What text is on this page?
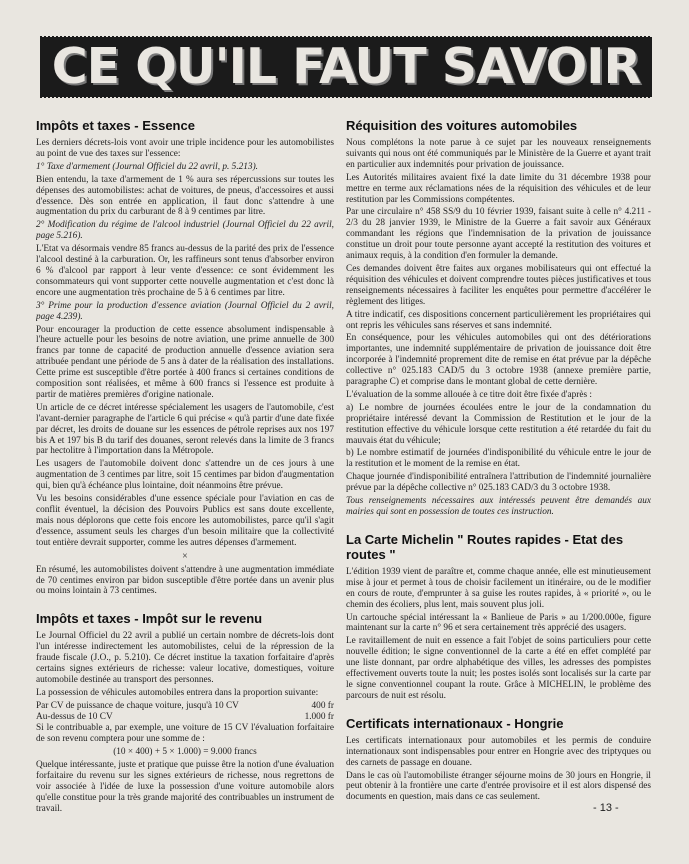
CE QU'IL FAUT SAVOIR
Impôts et taxes - Essence

Les derniers décrets-lois vont avoir une triple incidence pour les automobilistes au point de vue des taxes sur l'essence:

1° Taxe d'armement (Journal Officiel du 22 avril, p. 5.213).

Bien entendu, la taxe d'armement de 1 % aura ses répercussions sur toutes les dépenses des automobilistes: achat de voitures, de pneus, d'accessoires et aussi d'essence. Dès son entrée en application, il faut donc s'attendre à une augmentation du prix du carburant de 8 à 9 centimes par litre.

2° Modification du régime de l'alcool industriel (Journal Officiel du 22 avril, page 5.216).

L'Etat va désormais vendre 85 francs au-dessus de la parité des prix de l'essence l'alcool destiné à la carburation. Or, les raffineurs sont tenus d'absorber environ 6 % d'alcool par rapport à leur vente d'essence: ce sont évidemment les consommateurs qui vont supporter cette nouvelle augmentation et c'est donc là encore une augmentation très prochaine de 5 à 6 centimes par litre.

3° Prime pour la production d'essence aviation (Journal Officiel du 2 avril, page 4.239).

Pour encourager la production de cette essence absolument indispensable à l'heure actuelle pour les besoins de notre aviation, une prime annuelle de 300 francs par tonne de capacité de production annuelle d'essence aviation sera attribuée pendant une période de 5 ans à dater de la réalisation des installations. Cette prime est susceptible d'être portée à 400 francs si certaines conditions de composition sont réalisées, et même à 600 francs si l'essence est produite à partir de matières premières d'origine nationale.

Un article de ce décret intéresse spécialement les usagers de l'automobile, c'est l'avant-dernier paragraphe de l'article 6 qui précise « qu'à partir d'une date fixée par décret, les droits de douane sur les essences de pétrole reprises aux nos 197 bis A et 197 bis B du tarif des douanes, seront relevés dans la limite de 3 francs par hectolitre à l'importation dans la Métropole.

Les usagers de l'automobile doivent donc s'attendre un de ces jours à une augmentation de 3 centimes par litre, soit 15 centimes par bidon d'augmentation qui, bien qu'à échéance plus lointaine, doit néanmoins être prévue.

Vu les besoins considérables d'une essence spéciale pour l'aviation en cas de conflit éventuel, la décision des Pouvoirs Publics est sans doute excellente, mais nous déplorons que cette fois encore les automobilistes, parce qu'il s'agit d'essence, assument seuls les charges d'un besoin militaire que la collectivité tout entière devrait supporter, comme les autres dépenses d'armement.

×

En résumé, les automobilistes doivent s'attendre à une augmentation immédiate de 70 centimes environ par bidon susceptible d'être portée dans un avenir plus ou moins lointain à 73 centimes.

Impôts et taxes - Impôt sur le revenu

Le Journal Officiel du 22 avril a publié un certain nombre de décrets-lois dont l'un intéresse indirectement les automobilistes, celui de la répression de la fraude fiscale (J.O., p. 5.210). Ce décret institue la taxation forfaitaire d'après certains signes extérieurs de richesse: valeur locative, domestiques, voiture automobile destinée au transport des personnes.

La possession de véhicules automobiles entrera dans la proportion suivante:

Par CV de puissance de chaque voiture, jusqu'à 10 CV	400 fr
Au-dessus de 10 CV	1.000 fr

Si le contribuable a, par exemple, une voiture de 15 CV l'évaluation forfaitaire de son revenu comptera pour une somme de :

(10 × 400) + 5 × 1.000) = 9.000 francs

Quelque intéressante, juste et pratique que puisse être la notion d'une évaluation forfaitaire du revenu sur les signes extérieurs de richesse, nous regrettons de voir associée à l'idée de luxe la possession d'une voiture automobile alors qu'elle constitue pour la très grande majorité des contribuables un instrument de travail.

Réquisition des voitures automobiles

Nous complétons la note parue à ce sujet par les nouveaux renseignements suivants qui nous ont été communiqués par le Ministère de la Guerre et ayant trait en particulier aux indemnités pour privation de jouissance.

Les Autorités militaires avaient fixé la date limite du 31 décembre 1938 pour mettre en terme aux réclamations nées de la réquisition des véhicules et de leur restitution par les Commissions compétentes.

Par une circulaire n° 458 SS/9 du 10 février 1939, faisant suite à celle n° 4.211 - 2/3 du 28 janvier 1939, le Ministre de la Guerre a fait savoir aux Généraux commandant les régions que l'indemnisation de la privation de jouissance constitue un droit pour toute personne ayant accepté la restitution des voitures et animaux requis, à la condition d'en formuler la demande.

Ces demandes doivent être faites aux organes mobilisateurs qui ont effectué la réquisition des véhicules et doivent comprendre toutes pièces justificatives et tous renseignements nécessaires à faciliter les enquêtes pour permettre d'accélérer le règlement des litiges.

A titre indicatif, ces dispositions concernent particulièrement les propriétaires qui ont repris les véhicules sans réserves et sans indemnité.

En conséquence, pour les véhicules automobiles qui ont des détériorations importantes, une indemnité supplémentaire de privation de jouissance doit être incorporée à l'indemnité proprement dite de remise en état prévue par la dépêche collective n° 025.183 CAD/5 du 3 octobre 1938 (annexe première partie, paragraphe C) et comprise dans le montant global de cette dernière.

L'évaluation de la somme allouée à ce titre doit être fixée d'après :

a) Le nombre de journées écoulées entre le jour de la condamnation du propriétaire intéressé devant la Commission de Restitution et le jour de la restitution effective du véhicule lorsque cette restitution a été retardée du fait du mauvais état du véhicule;

b) Le nombre estimatif de journées d'indisponibilité du véhicule entre le jour de la restitution et le moment de la remise en état.

Chaque journée d'indisponibilité entraînera l'attribution de l'indemnité journalière prévue par la dépêche collective n° 025.183 CAD/3 du 3 octobre 1938.

Tous renseignements nécessaires aux intéressés peuvent être demandés aux mairies qui sont en possession de toutes ces instruction.

La Carte Michelin " Routes rapides - Etat des routes "

L'édition 1939 vient de paraître et, comme chaque année, elle est minutieusement mise à jour et permet à tous de choisir facilement un itinéraire, ou de le modifier en cours de route, d'emprunter à sa guise les routes rapides, à « priorité », ou le chemin des écoliers, plus lent, mais souvent plus joli.

Un cartouche spécial intéressant la « Banlieue de Paris » au 1/200.000e, figure maintenant sur la carte n° 96 et sera certainement très apprécié des usagers.

Le ravitaillement de nuit en essence a fait l'objet de soins particuliers pour cette nouvelle édition; le signe conventionnel de la carte a été en effet complété par une liste donnant, par ordre alphabétique des villes, les adresses des pompistes effectivement ouverts toute la nuit; les postes isolés sont localisés sur la carte par le signe conventionnel coupant la route. Grâce à MICHELIN, le problème des parcours de nuit est résolu.

Certificats internationaux - Hongrie

Les certificats internationaux pour automobiles et les permis de conduire internationaux sont indispensables pour entrer en Hongrie avec des triptyques ou des carnets de passage en douane.

Dans le cas où l'automobiliste étranger séjourne moins de 30 jours en Hongrie, il peut obtenir à la frontière une carte d'entrée provisoire et il est alors dispensé des documents en question, mais dans ce cas seulement.

- 13 -
